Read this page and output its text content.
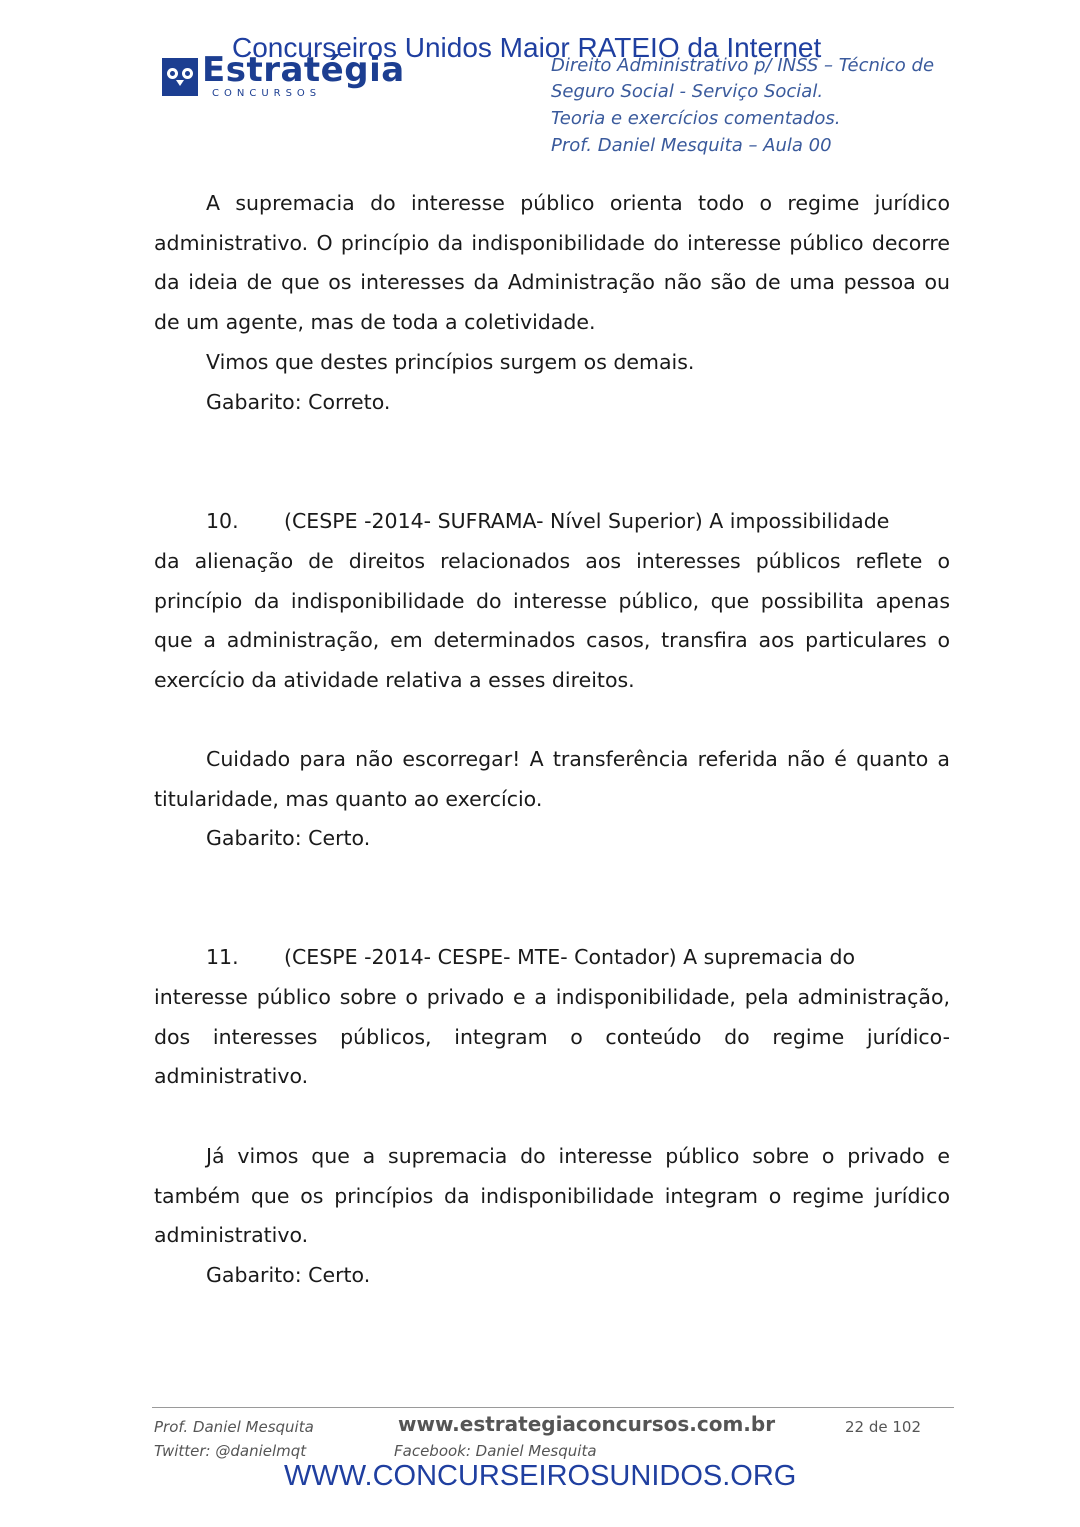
Estratégia
CONCURSOS
Concurseiros Unidos Maior RATEIO da Internet
Direito Administrativo p/ INSS – Técnico de
Seguro Social - Serviço Social.
Teoria e exercícios comentados.
Prof. Daniel Mesquita – Aula 00

A supremacia do interesse público orienta todo o regime jurídico administrativo. O princípio da indisponibilidade do interesse público decorre da ideia de que os interesses da Administração não são de uma pessoa ou de um agente, mas de toda a coletividade.

Vimos que destes princípios surgem os demais.

Gabarito: Correto.

10. (CESPE -2014- SUFRAMA- Nível Superior) A impossibilidade

da alienação de direitos relacionados aos interesses públicos reflete o princípio da indisponibilidade do interesse público, que possibilita apenas que a administração, em determinados casos, transfira aos particulares o exercício da atividade relativa a esses direitos.

Cuidado para não escorregar! A transferência referida não é quanto a titularidade, mas quanto ao exercício.

Gabarito: Certo.

11. (CESPE -2014- CESPE- MTE- Contador) A supremacia do

interesse público sobre o privado e a indisponibilidade, pela administração, dos interesses públicos, integram o conteúdo do regime jurídico-administrativo.

Já vimos que a supremacia do interesse público sobre o privado e também que os princípios da indisponibilidade integram o regime jurídico administrativo.

Gabarito: Certo.

Prof. Daniel Mesquita
Twitter: @danielmqt
www.estrategiaconcursos.com.br
Facebook: Daniel Mesquita
22 de 102
WWW.CONCURSEIROSUNIDOS.ORG
